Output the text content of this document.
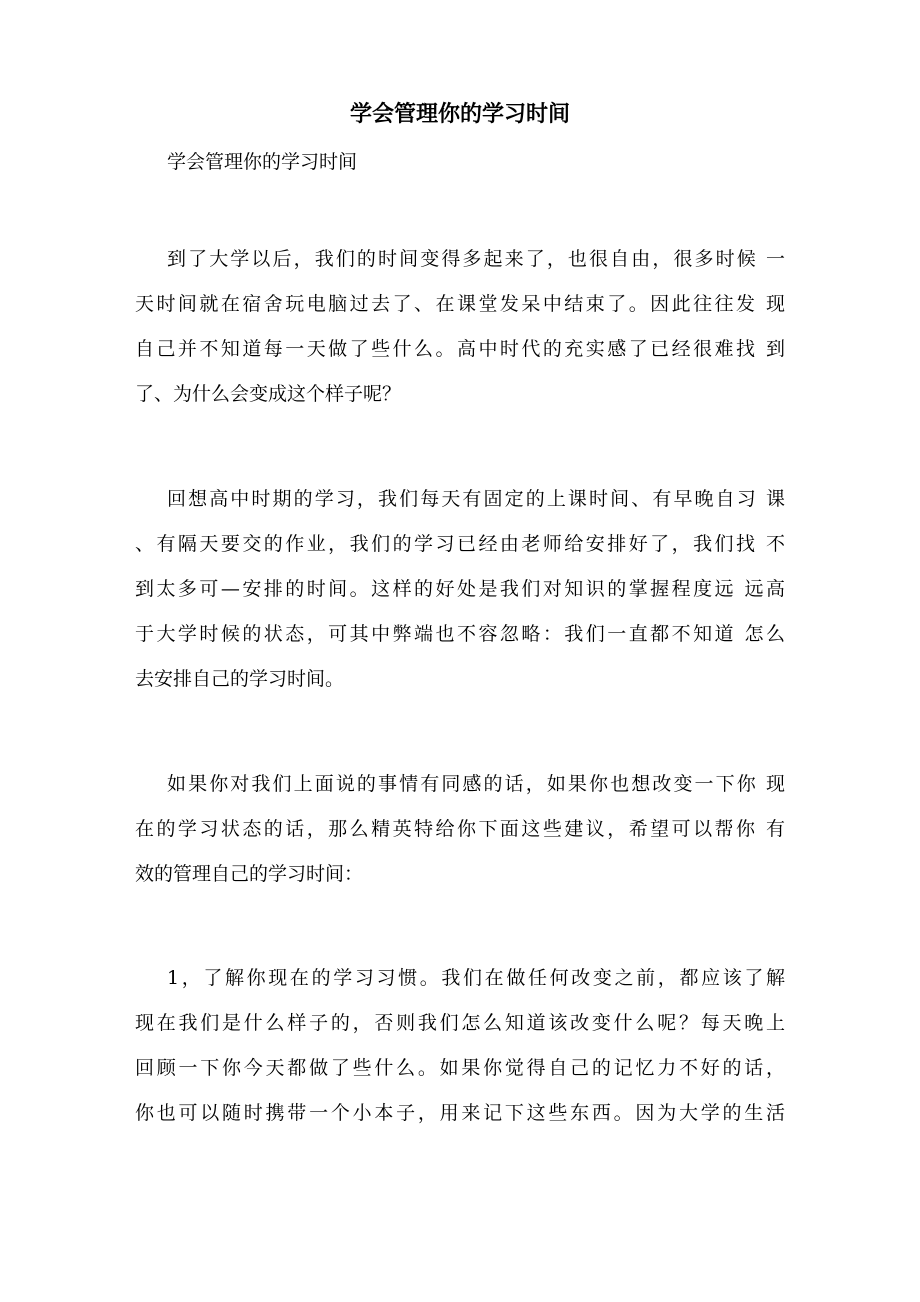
学会管理你的学习时间

学会管理你的学习时间

到了大学以后，我们的时间变得多起来了，也很自由，很多时候 一
天时间就在宿舍玩电脑过去了、在课堂发呆中结束了。因此往往发 现
自己并不知道每一天做了些什么。高中时代的充实感了已经很难找 到
了、为什么会变成这个样子呢？
回想高中时期的学习，我们每天有固定的上课时间、有早晚自习 课
、有隔天要交的作业，我们的学习已经由老师给安排好了，我们找 不
到太多可—安排的时间。这样的好处是我们对知识的掌握程度远 远高
于大学时候的状态，可其中弊端也不容忽略：我们一直都不知道 怎么
去安排自己的学习时间。
如果你对我们上面说的事情有同感的话，如果你也想改变一下你 现
在的学习状态的话，那么精英特给你下面这些建议，希望可以帮你 有
效的管理自己的学习时间：
1，了解你现在的学习习惯。我们在做任何改变之前，都应该了解
现在我们是什么样子的，否则我们怎么知道该改变什么呢？每天晚上
回顾一下你今天都做了些什么。如果你觉得自己的记忆力不好的话，
你也可以随时携带一个小本子，用来记下这些东西。因为大学的生活
